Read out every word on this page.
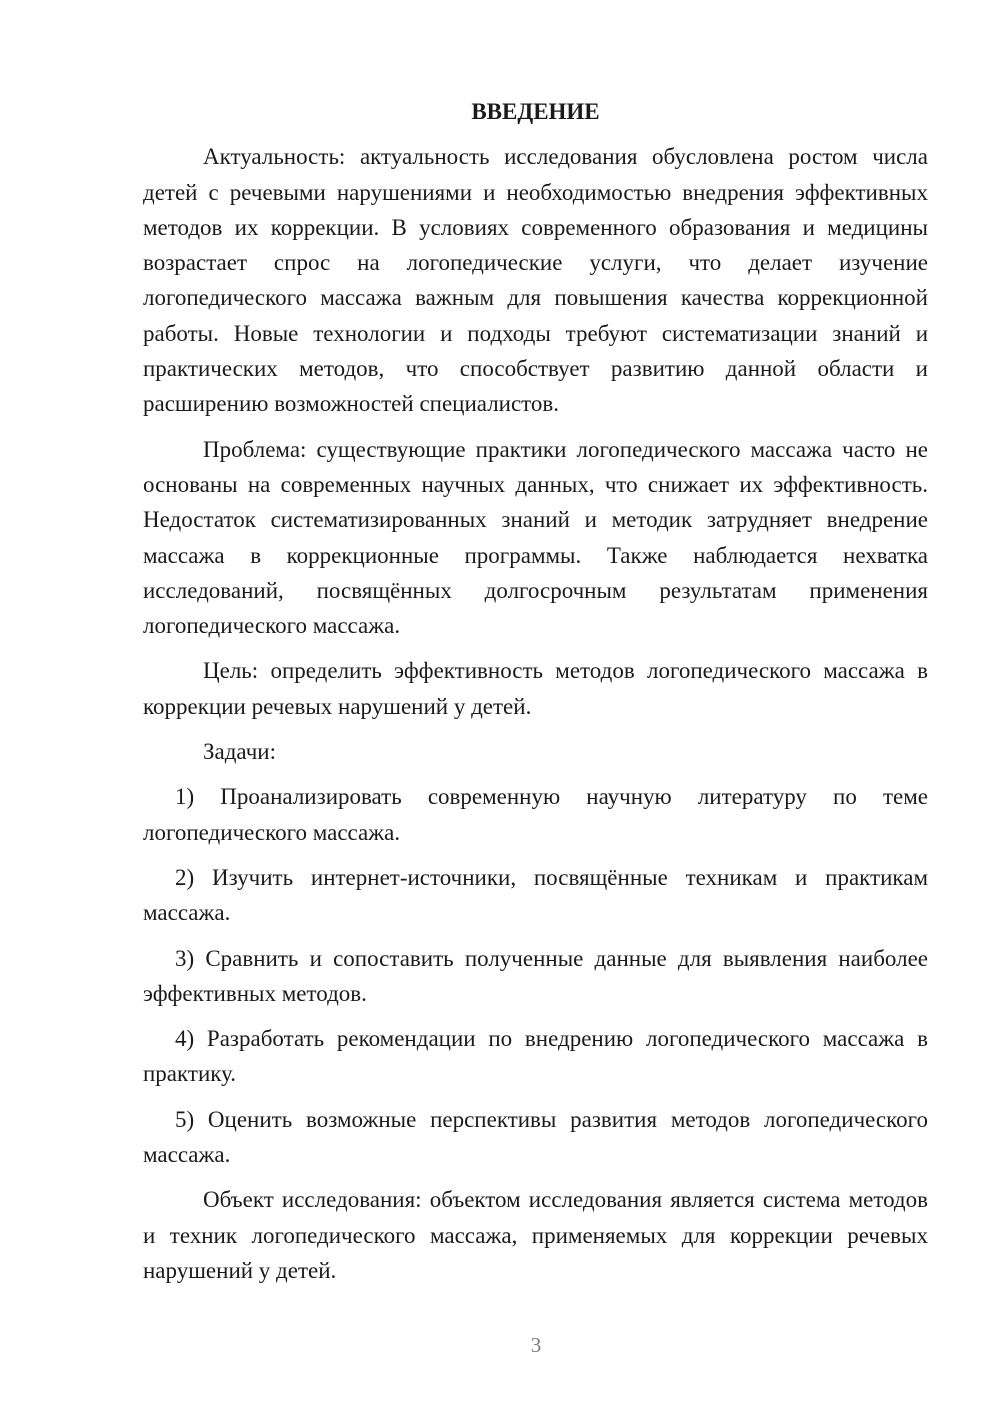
ВВЕДЕНИЕ

Актуальность: актуальность исследования обусловлена ростом числа детей с речевыми нарушениями и необходимостью внедрения эффективных методов их коррекции. В условиях современного образования и медицины возрастает спрос на логопедические услуги, что делает изучение логопедического массажа важным для повышения качества коррекционной работы. Новые технологии и подходы требуют систематизации знаний и практических методов, что способствует развитию данной области и расширению возможностей специалистов.

Проблема: существующие практики логопедического массажа часто не основаны на современных научных данных, что снижает их эффективность. Недостаток систематизированных знаний и методик затрудняет внедрение массажа в коррекционные программы. Также наблюдается нехватка исследований, посвящённых долгосрочным результатам применения логопедического массажа.

Цель: определить эффективность методов логопедического массажа в коррекции речевых нарушений у детей.

Задачи:

1) Проанализировать современную научную литературу по теме логопедического массажа.

2) Изучить интернет-источники, посвящённые техникам и практикам массажа.

3) Сравнить и сопоставить полученные данные для выявления наиболее эффективных методов.

4) Разработать рекомендации по внедрению логопедического массажа в практику.

5) Оценить возможные перспективы развития методов логопедического массажа.

Объект исследования: объектом исследования является система методов и техник логопедического массажа, применяемых для коррекции речевых нарушений у детей.

3
